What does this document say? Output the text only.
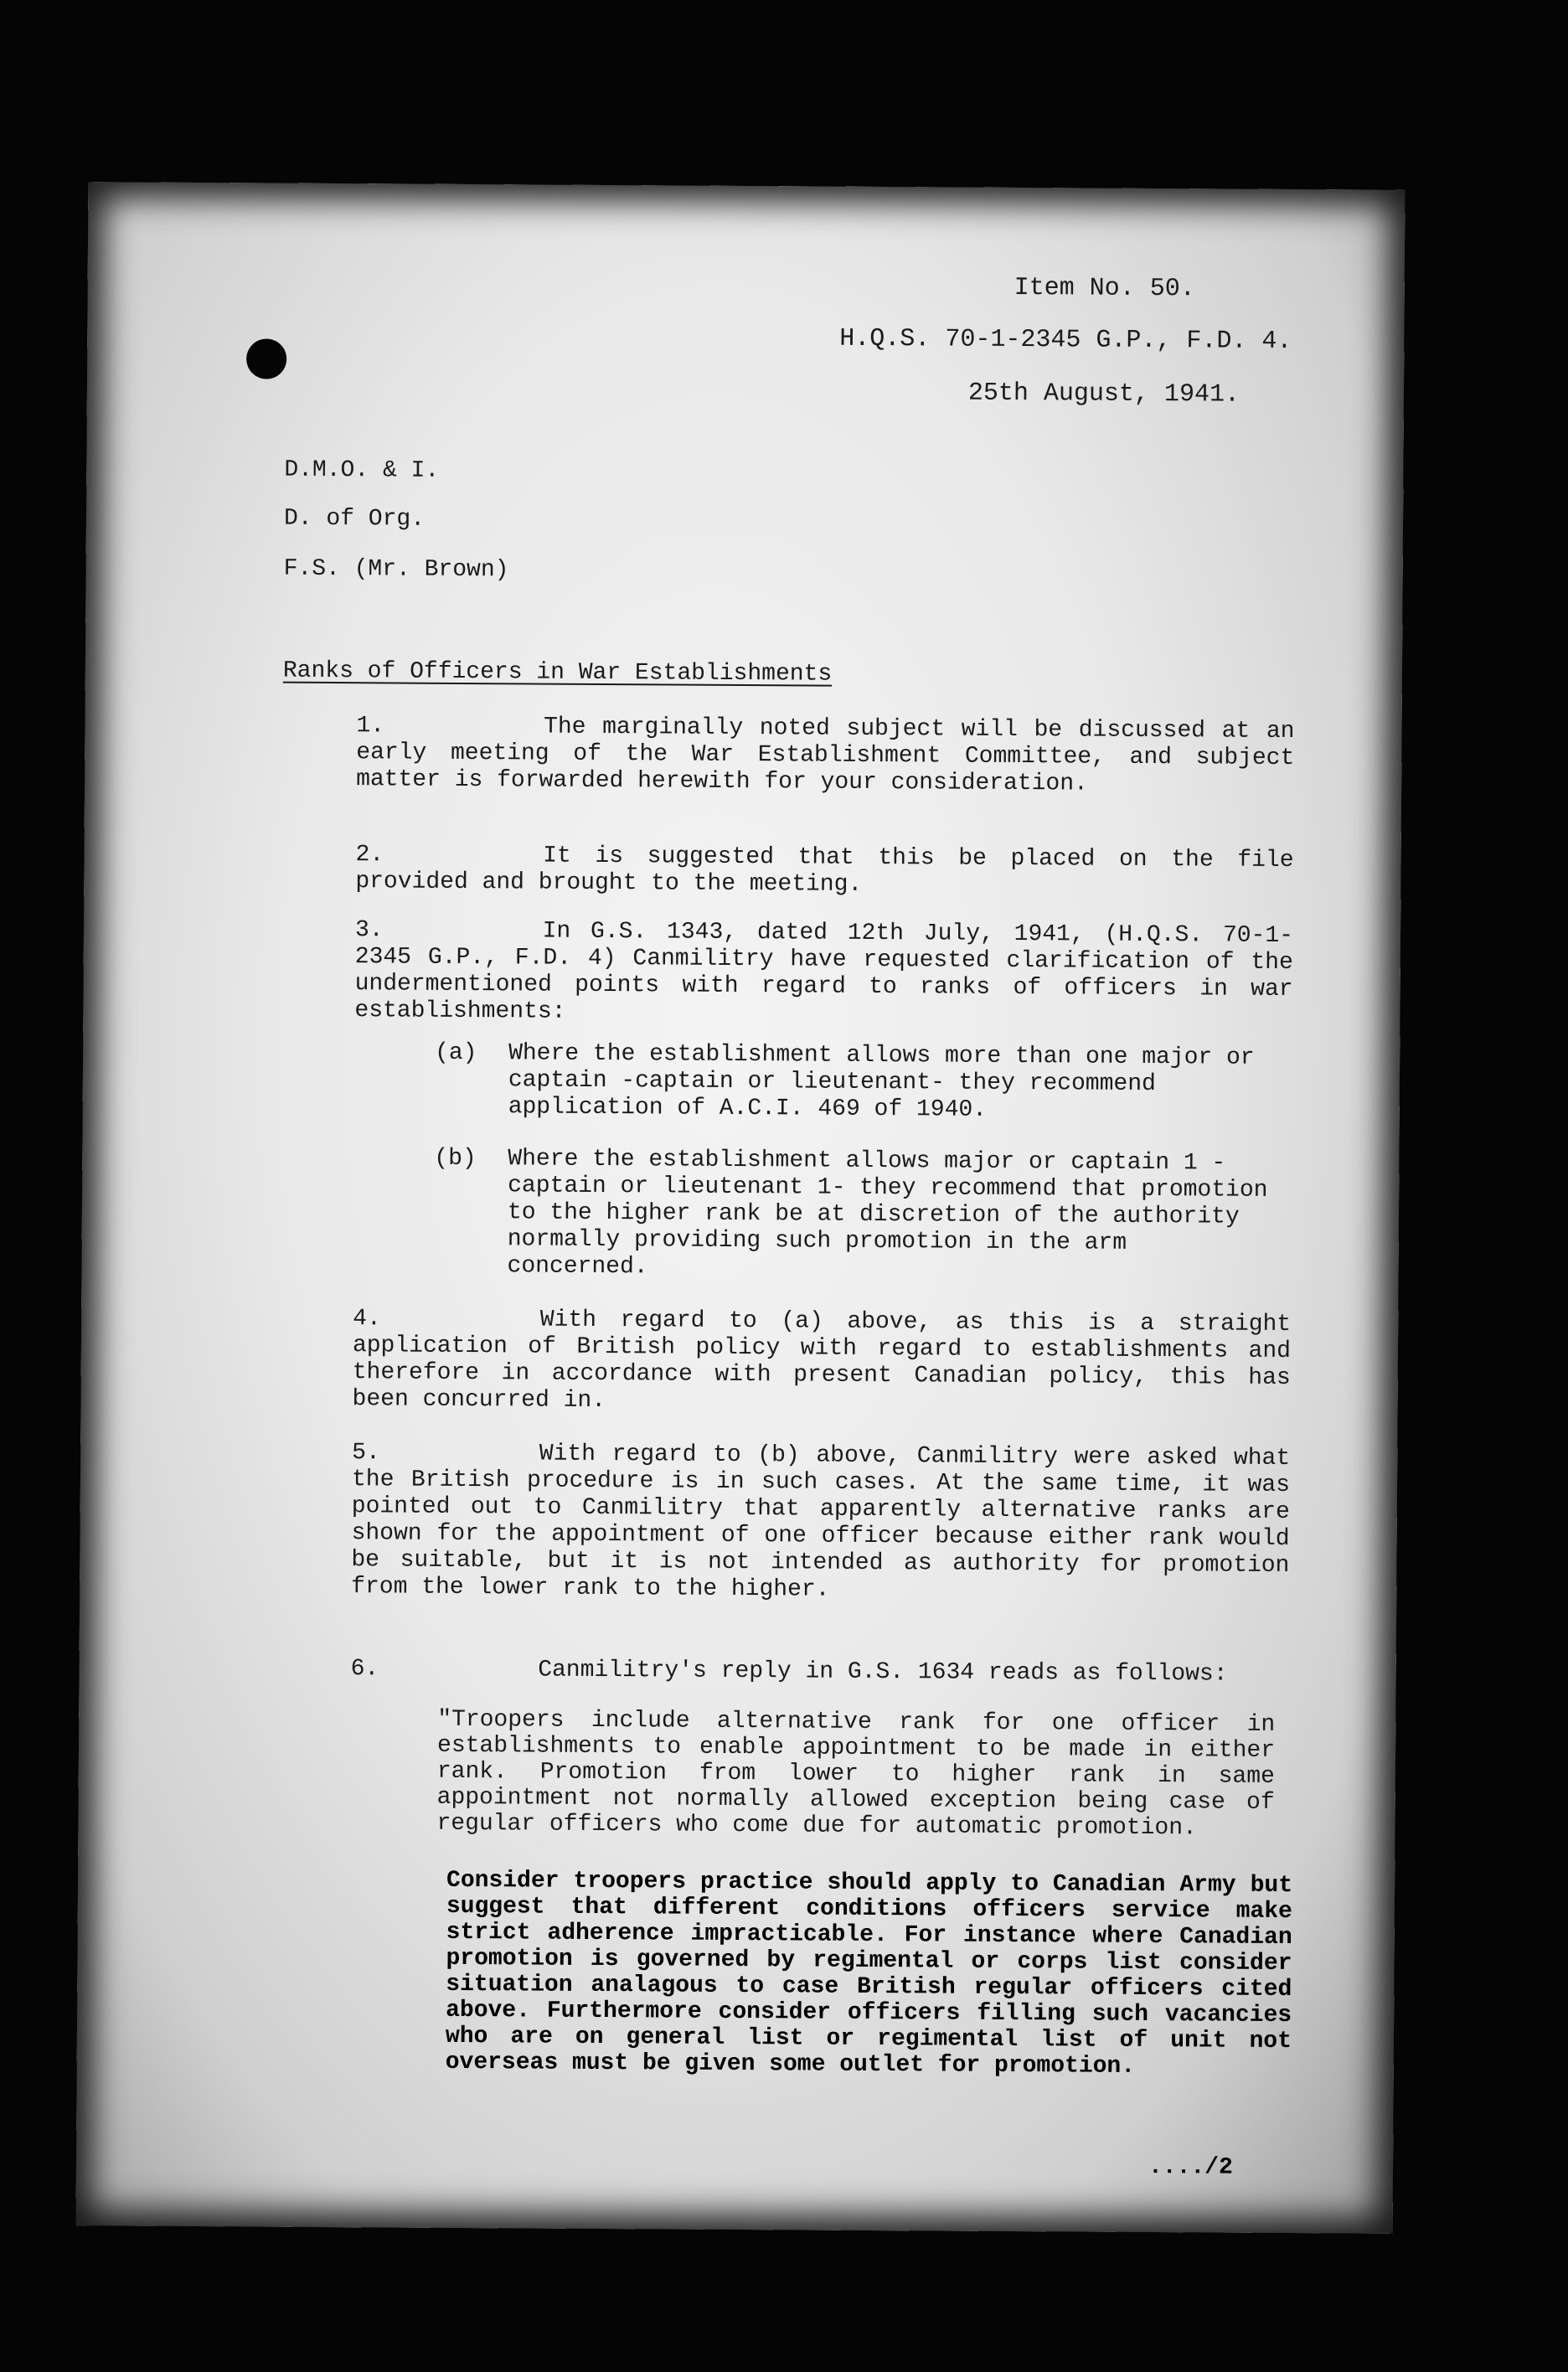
Item No. 50.
H.Q.S. 70-1-2345 G.P., F.D. 4.
25th August, 1941.
D.M.O. & I.
D. of Org.
F.S. (Mr. Brown)
Ranks of Officers in War Establishments
1.	The marginally noted subject will be discussed at an early meeting of the War Establishment Committee, and subject matter is forwarded herewith for your consideration.
2.	It is suggested that this be placed on the file provided and brought to the meeting.
3.	In G.S. 1343, dated 12th July, 1941, (H.Q.S. 70-1-2345 G.P., F.D. 4) Canmilitry have requested clarification of the undermentioned points with regard to ranks of officers in war establishments:
(a) Where the establishment allows more than one major or captain -captain or lieutenant- they recommend application of A.C.I. 469 of 1940.
(b) Where the establishment allows major or captain 1 - captain or lieutenant 1- they recommend that promotion to the higher rank be at discretion of the authority normally providing such promotion in the arm concerned.
4.	With regard to (a) above, as this is a straight application of British policy with regard to establishments and therefore in accordance with present Canadian policy, this has been concurred in.
5.	With regard to (b) above, Canmilitry were asked what the British procedure is in such cases. At the same time, it was pointed out to Canmilitry that apparently alternative ranks are shown for the appointment of one officer because either rank would be suitable, but it is not intended as authority for promotion from the lower rank to the higher.
6.	Canmilitry's reply in G.S. 1634 reads as follows:
"Troopers include alternative rank for one officer in establishments to enable appointment to be made in either rank. Promotion from lower to higher rank in same appointment not normally allowed exception being case of regular officers who come due for automatic promotion.
Consider troopers practice should apply to Canadian Army but suggest that different conditions officers service make strict adherence impracticable. For instance where Canadian promotion is governed by regimental or corps list consider situation analagous to case British regular officers cited above. Furthermore consider officers filling such vacancies who are on general list or regimental list of unit not overseas must be given some outlet for promotion.
..../2
